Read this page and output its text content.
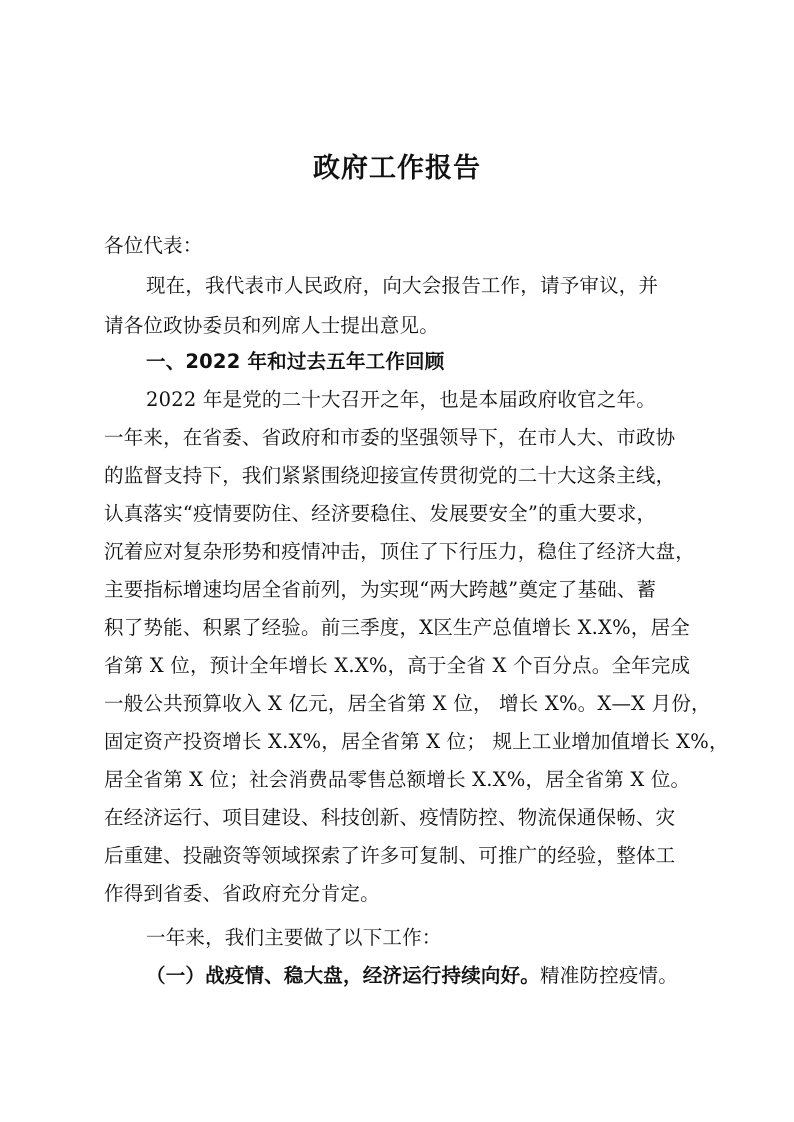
政府工作报告
各位代表：
现在，我代表市人民政府，向大会报告工作，请予审议，并
请各位政协委员和列席人士提出意见。
一、2022 年和过去五年工作回顾
2022 年是党的二十大召开之年，也是本届政府收官之年。
一年来，在省委、省政府和市委的坚强领导下，在市人大、市政协
的监督支持下，我们紧紧围绕迎接宣传贯彻党的二十大这条主线，
认真落实“疫情要防住、经济要稳住、发展要安全”的重大要求，
沉着应对复杂形势和疫情冲击，顶住了下行压力，稳住了经济大盘，
主要指标增速均居全省前列，为实现“两大跨越”奠定了基础、蓄
积了势能、积累了经验。前三季度，X区生产总值增长 X.X%，居全
省第 X 位，预计全年增长 X.X%，高于全省 X 个百分点。全年完成
一般公共预算收入 X 亿元，居全省第 X 位， 增长 X%。X—X 月份，
固定资产投资增长 X.X%，居全省第 X 位； 规上工业增加值增长 X%，
居全省第 X 位；社会消费品零售总额增长 X.X%，居全省第 X 位。
在经济运行、项目建设、科技创新、疫情防控、物流保通保畅、灾
后重建、投融资等领域探索了许多可复制、可推广的经验，整体工
作得到省委、省政府充分肯定。
一年来，我们主要做了以下工作：
（一）战疫情、稳大盘，经济运行持续向好。精准防控疫情。
